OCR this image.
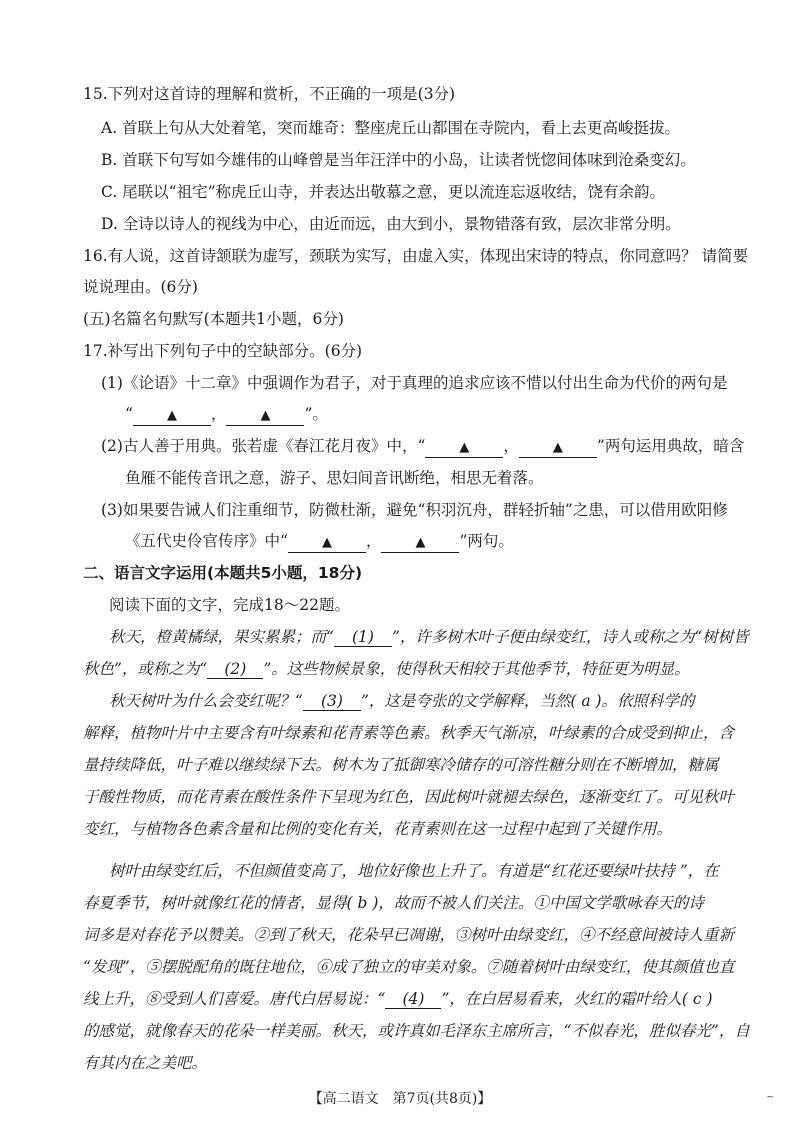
15.下列对这首诗的理解和赏析，不正确的一项是(3分)
A. 首联上句从大处着笔，突而雄奇：整座虎丘山都围在寺院内，看上去更高峻挺拔。
B. 首联下句写如今雄伟的山峰曾是当年汪洋中的小岛，让读者恍惚间体味到沧桑变幻。
C. 尾联以“祖宅”称虎丘山寺，并表达出敬慕之意，更以流连忘返收结，饶有余韵。
D. 全诗以诗人的视线为中心，由近而远，由大到小，景物错落有致，层次非常分明。
16.有人说，这首诗颔联为虚写，颈联为实写，由虚入实，体现出宋诗的特点，你同意吗？ 请简要
说说理由。(6分)
(五)名篇名句默写(本题共1小题，6分)
17.补写出下列句子中的空缺部分。(6分)
(1)《论语》十二章》中强调作为君子，对于真理的追求应该不惜以付出生命为代价的两句是
“	▲ ，	▲ ”。
(2)古人善于用典。张若虚《春江花月夜》中，“	▲ ，	▲ ”两句运用典故，暗含
鱼雁不能传音讯之意，游子、思妇间音讯断绝，相思无着落。
(3)如果要告诫人们注重细节，防微杜渐，避免“积羽沉舟，群轻折轴”之患，可以借用欧阳修
《五代史伶官传序》中“	▲ ，	▲ ”两句。
二、语言文字运用(本题共5小题，18分)
阅读下面的文字，完成18～22题。
秋天，橙黄橘绿，果实累累；而“ (1) ”，许多树木叶子便由绿变红，诗人或称之为“树树皆
秋色”，或称之为“ (2) ”。这些物候景象，使得秋天相较于其他季节，特征更为明显。
秋天树叶为什么会变红呢？“ (3) ”，这是夸张的文学解释，当然( a )。依照科学的
解释，植物叶片中主要含有叶绿素和花青素等色素。秋季天气渐凉，叶绿素的合成受到抑止，含
量持续降低，叶子难以继续绿下去。树木为了抵御寒冷储存的可溶性糖分则在不断增加，糖属
于酸性物质，而花青素在酸性条件下呈现为红色，因此树叶就褪去绿色，逐渐变红了。可见秋叶
变红，与植物各色素含量和比例的变化有关，花青素则在这一过程中起到了关键作用。
树叶由绿变红后，不但颜值变高了，地位好像也上升了。有道是“红花还要绿叶扶持 ”，在
春夏季节，树叶就像红花的情者，显得( b )，故而不被人们关注。①中国文学歌咏春天的诗
词多是对春花予以赞美。②到了秋天，花朵早已凋谢，③树叶由绿变红，④不经意间被诗人重新
“发现”，⑤摆脱配角的既往地位，⑥成了独立的审美对象。⑦随着树叶由绿变红，使其颜值也直
线上升，⑧受到人们喜爱。唐代白居易说：“ (4) ”，在白居易看来，火红的霜叶给人( c )
的感觉，就像春天的花朵一样美丽。秋天，或许真如毛泽东主席所言，“不似春光，胜似春光”，自
有其内在之美吧。
【高二语文　第7页(共8页)】	~
